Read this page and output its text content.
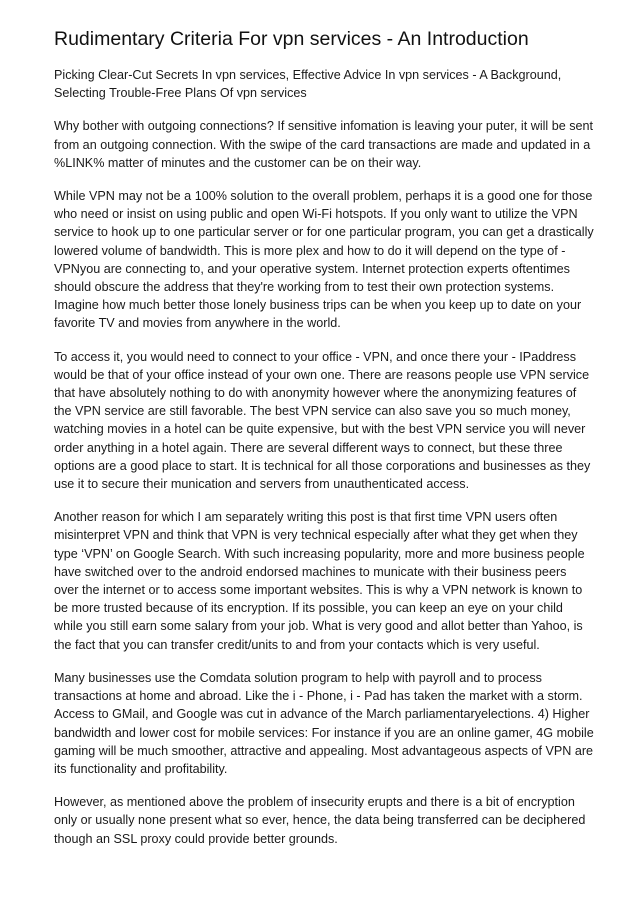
Rudimentary Criteria For vpn services - An Introduction

Picking Clear-Cut Secrets In vpn services, Effective Advice In vpn services - A Background, Selecting Trouble-Free Plans Of vpn services

Why bother with outgoing connections? If sensitive infomation is leaving your puter, it will be sent from an outgoing connection. With the swipe of the card transactions are made and updated in a %LINK% matter of minutes and the customer can be on their way.

While VPN may not be a 100% solution to the overall problem, perhaps it is a good one for those who need or insist on using public and open Wi-Fi hotspots. If you only want to utilize the VPN service to hook up to one particular server or for one particular program, you can get a drastically lowered volume of bandwidth. This is more plex and how to do it will depend on the type of - VPNyou are connecting to, and your operative system. Internet protection experts oftentimes should obscure the address that they're working from to test their own protection systems. Imagine how much better those lonely business trips can be when you keep up to date on your favorite TV and movies from anywhere in the world.

To access it, you would need to connect to your office - VPN, and once there your - IPaddress would be that of your office instead of your own one. There are reasons people use VPN service that have absolutely nothing to do with anonymity however where the anonymizing features of the VPN service are still favorable. The best VPN service can also save you so much money, watching movies in a hotel can be quite expensive, but with the best VPN service you will never order anything in a hotel again. There are several different ways to connect, but these three options are a good place to start. It is technical for all those corporations and businesses as they use it to secure their munication and servers from unauthenticated access.

Another reason for which I am separately writing this post is that first time VPN users often misinterpret VPN and think that VPN is very technical especially after what they get when they type ‘VPN’ on Google Search. With such increasing popularity, more and more business people have switched over to the android endorsed machines to municate with their business peers over the internet or to access some important websites. This is why a VPN network is known to be more trusted because of its encryption. If its possible, you can keep an eye on your child while you still earn some salary from your job. What is very good and allot better than Yahoo, is the fact that you can transfer credit/units to and from your contacts which is very useful.

Many businesses use the Comdata solution program to help with payroll and to process transactions at home and abroad. Like the i - Phone, i - Pad has taken the market with a storm. Access to GMail, and Google was cut in advance of the March parliamentaryelections. 4) Higher bandwidth and lower cost for mobile services: For instance if you are an online gamer, 4G mobile gaming will be much smoother, attractive and appealing. Most advantageous aspects of VPN are its functionality and profitability.

However, as mentioned above the problem of insecurity erupts and there is a bit of encryption only or usually none present what so ever, hence, the data being transferred can be deciphered though an SSL proxy could provide better grounds.
